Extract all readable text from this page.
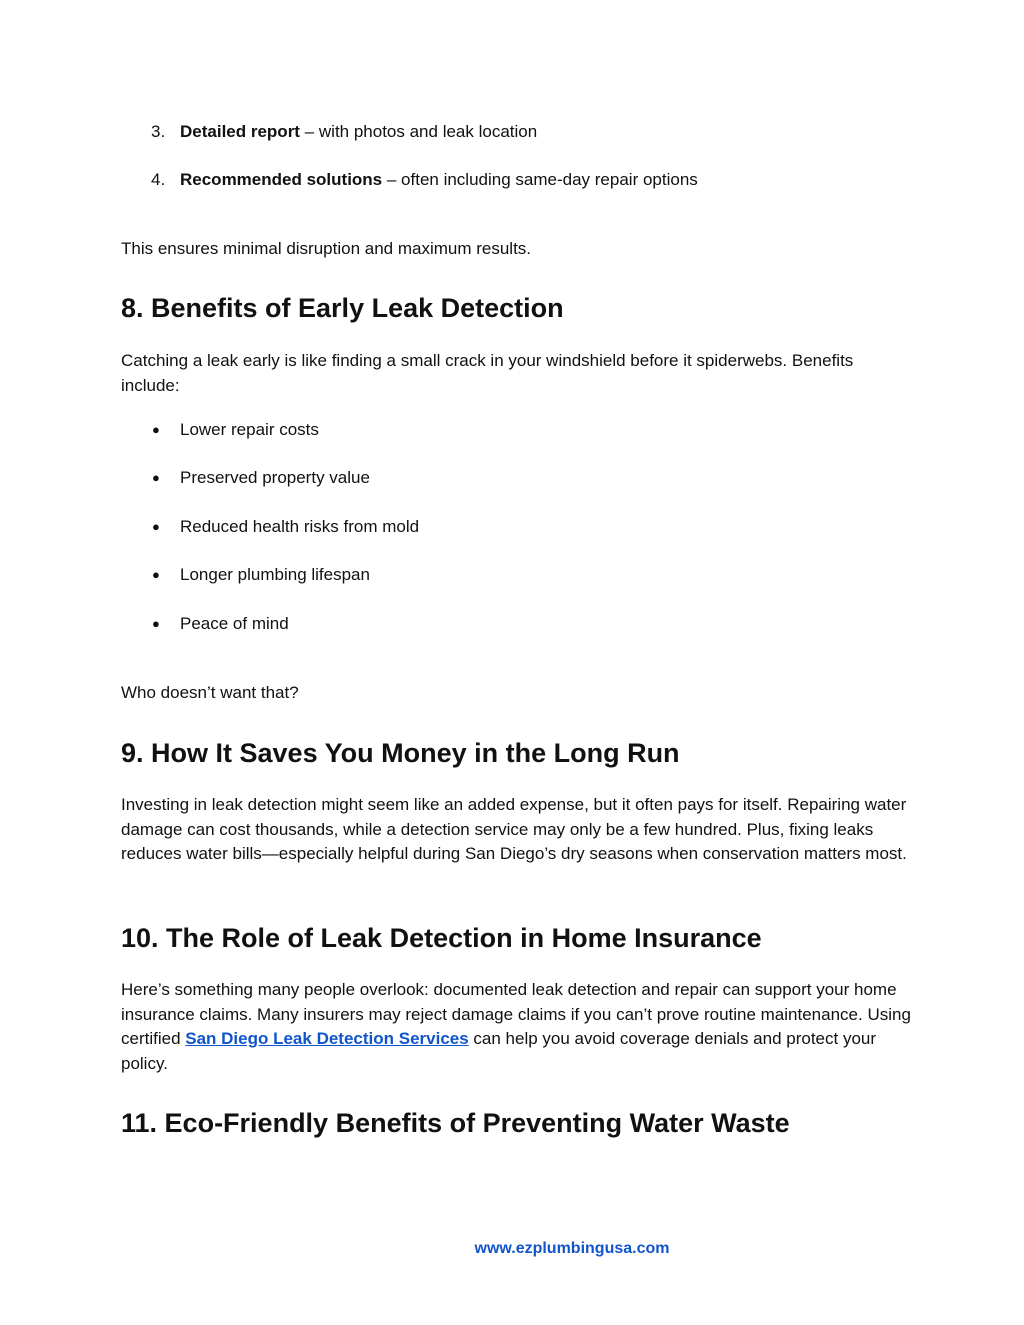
3. Detailed report – with photos and leak location
4. Recommended solutions – often including same-day repair options

This ensures minimal disruption and maximum results.

8. Benefits of Early Leak Detection

Catching a leak early is like finding a small crack in your windshield before it spiderwebs. Benefits include:

●	Lower repair costs
●	Preserved property value
●	Reduced health risks from mold
●	Longer plumbing lifespan
●	Peace of mind

Who doesn’t want that?

9. How It Saves You Money in the Long Run

Investing in leak detection might seem like an added expense, but it often pays for itself. Repairing water damage can cost thousands, while a detection service may only be a few hundred. Plus, fixing leaks reduces water bills—especially helpful during San Diego’s dry seasons when conservation matters most.

10. The Role of Leak Detection in Home Insurance

Here’s something many people overlook: documented leak detection and repair can support your home insurance claims. Many insurers may reject damage claims if you can’t prove routine maintenance. Using certified San Diego Leak Detection Services can help you avoid coverage denials and protect your policy.

11. Eco-Friendly Benefits of Preventing Water Waste
www.ezplumbingusa.com
